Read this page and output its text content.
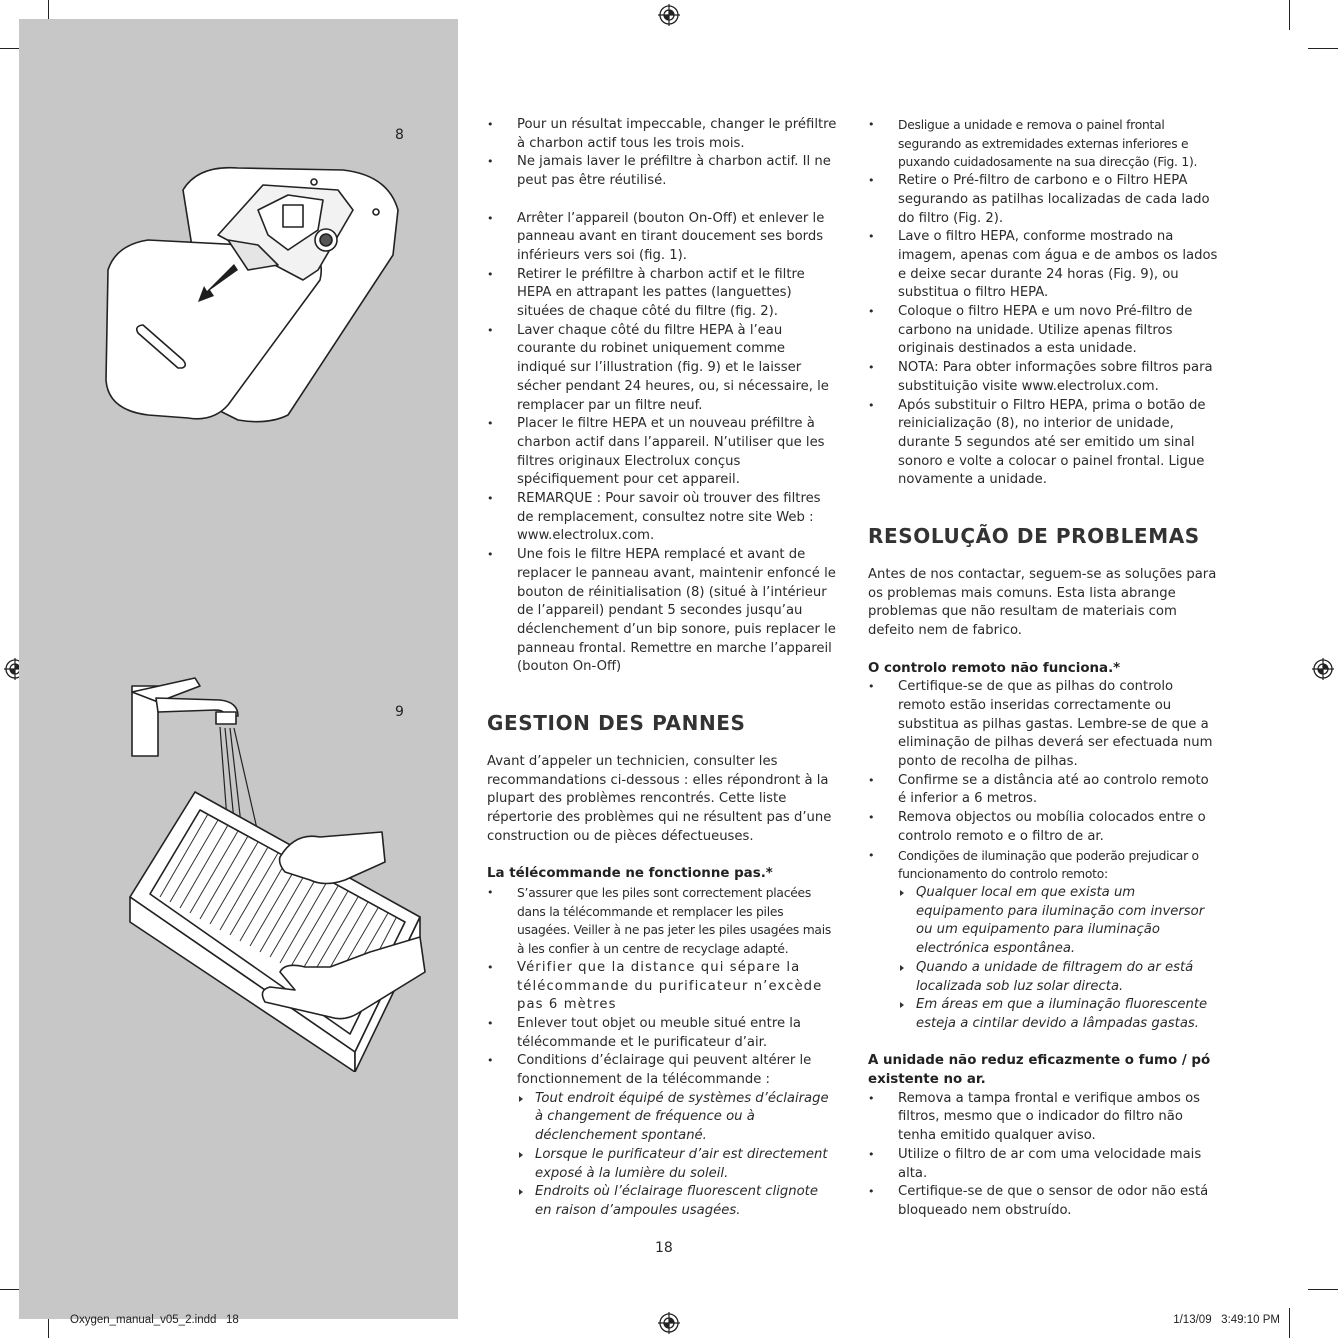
8
9
• Pour un résultat impeccable, changer le préfiltre à charbon actif tous les trois mois.
• Ne jamais laver le préfiltre à charbon actif. Il ne peut pas être réutilisé.
• Arrêter l’appareil (bouton On-Off) et enlever le panneau avant en tirant doucement ses bords inférieurs vers soi (fig. 1).
• Retirer le préfiltre à charbon actif et le filtre HEPA en attrapant les pattes (languettes) situées de chaque côté du filtre (fig. 2).
• Laver chaque côté du filtre HEPA à l’eau courante du robinet uniquement comme indiqué sur l’illustration (fig. 9) et le laisser sécher pendant 24 heures, ou, si nécessaire, le remplacer par un filtre neuf.
• Placer le filtre HEPA et un nouveau préfiltre à charbon actif dans l’appareil. N’utiliser que les filtres originaux Electrolux conçus spécifiquement pour cet appareil.
• REMARQUE : Pour savoir où trouver des filtres de remplacement, consultez notre site Web : www.electrolux.com.
• Une fois le filtre HEPA remplacé et avant de replacer le panneau avant, maintenir enfoncé le bouton de réinitialisation (8) (situé à l’intérieur de l’appareil) pendant 5 secondes jusqu’au déclenchement d’un bip sonore, puis replacer le panneau frontal. Remettre en marche l’appareil (bouton On-Off)
GESTION DES PANNES

Avant d’appeler un technicien, consulter les recommandations ci-dessous : elles répondront à la plupart des problèmes rencontrés. Cette liste répertorie des problèmes qui ne résultent pas d’une construction ou de pièces défectueuses.

La télécommande ne fonctionne pas.*

• S’assurer que les piles sont correctement placées dans la télécommande et remplacer les piles usagées. Veiller à ne pas jeter les piles usagées mais à les confier à un centre de recyclage adapté.
• Vérifier que la distance qui sépare la télécommande du purificateur n’excède pas 6 mètres
• Enlever tout objet ou meuble situé entre la télécommande et le purificateur d’air.
• Conditions d’éclairage qui peuvent altérer le fonctionnement de la télécommande :
Tout endroit équipé de systèmes d’éclairage à changement de fréquence ou à déclenchement spontané.
Lorsque le purificateur d’air est directement exposé à la lumière du soleil.
Endroits où l’éclairage fluorescent clignote en raison d’ampoules usagées.
• Desligue a unidade e remova o painel frontal segurando as extremidades externas inferiores e puxando cuidadosamente na sua direcção (Fig. 1).
• Retire o Pré-filtro de carbono e o Filtro HEPA segurando as patilhas localizadas de cada lado do filtro (Fig. 2).
• Lave o filtro HEPA, conforme mostrado na imagem, apenas com água e de ambos os lados e deixe secar durante 24 horas (Fig. 9), ou substitua o filtro HEPA.
• Coloque o filtro HEPA e um novo Pré-filtro de carbono na unidade. Utilize apenas filtros originais destinados a esta unidade.
• NOTA: Para obter informações sobre filtros para substituição visite www.electrolux.com.
• Após substituir o Filtro HEPA, prima o botão de reinicialização (8), no interior de unidade, durante 5 segundos até ser emitido um sinal sonoro e volte a colocar o painel frontal. Ligue novamente a unidade.
RESOLUÇÃO DE PROBLEMAS

Antes de nos contactar, seguem-se as soluções para os problemas mais comuns. Esta lista abrange problemas que não resultam de materiais com defeito nem de fabrico.

O controlo remoto não funciona.*

• Certifique-se de que as pilhas do controlo remoto estão inseridas correctamente ou substitua as pilhas gastas. Lembre-se de que a eliminação de pilhas deverá ser efectuada num ponto de recolha de pilhas.
• Confirme se a distância até ao controlo remoto é inferior a 6 metros.
• Remova objectos ou mobília colocados entre o controlo remoto e o filtro de ar.
• Condições de iluminação que poderão prejudicar o funcionamento do controlo remoto:
Qualquer local em que exista um equipamento para iluminação com inversor ou um equipamento para iluminação electrónica espontânea.
Quando a unidade de filtragem do ar está localizada sob luz solar directa.
Em áreas em que a iluminação fluorescente esteja a cintilar devido a lâmpadas gastas.

A unidade não reduz eficazmente o fumo / pó existente no ar.

• Remova a tampa frontal e verifique ambos os filtros, mesmo que o indicador do filtro não tenha emitido qualquer aviso.
• Utilize o filtro de ar com uma velocidade mais alta.
• Certifique-se de que o sensor de odor não está bloqueado nem obstruído.
18
Oxygen_manual_v05_2.indd   18	1/13/09   3:49:10 PM
